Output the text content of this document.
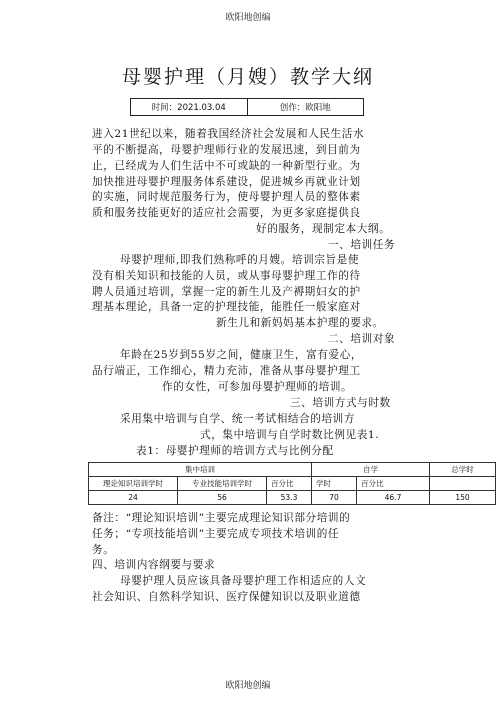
欧阳地创编
母婴护理（月嫂）教学大纲
时间：2021.03.04	创作：欧阳地
进入21世纪以来，随着我国经济社会发展和人民生活水
平的不断提高，母婴护理师行业的发展迅速，到目前为
止，已经成为人们生活中不可或缺的一种新型行业。为
加快推进母婴护理服务体系建设，促进城乡再就业计划
的实施，同时规范服务行为，使母婴护理人员的整体素
质和服务技能更好的适应社会需要，为更多家庭提供良
好的服务，现制定本大纲。
一、培训任务
母婴护理师,即我们熟称呼的月嫂。培训宗旨是使
没有相关知识和技能的人员，或从事母婴护理工作的待
聘人员通过培训，掌握一定的新生儿及产褥期妇女的护
理基本理论，具备一定的护理技能，能胜任一般家庭对
新生儿和新妈妈基本护理的要求。
二、培训对象
年龄在25岁到55岁之间，健康卫生，富有爱心，
品行端正，工作细心，精力充沛，准备从事母婴护理工
作的女性，可参加母婴护理师的培训。
三、培训方式与时数
采用集中培训与自学、统一考试相结合的培训方
式，集中培训与自学时数比例见表1.
表1：母婴护理师的培训方式与比例分配
集中培训			自学		总学时
理论知识培训学时	专业技能培训学时	百分比	学时	百分比	
24	56	53.3	70	46.7	150
备注：“理论知识培训”主要完成理论知识部分培训的
任务；“专项技能培训”主要完成专项技术培训的任
务。
四、培训内容纲要与要求
母婴护理人员应该具备母婴护理工作相适应的人文
社会知识、自然科学知识、医疗保健知识以及职业道德
欧阳地创编
